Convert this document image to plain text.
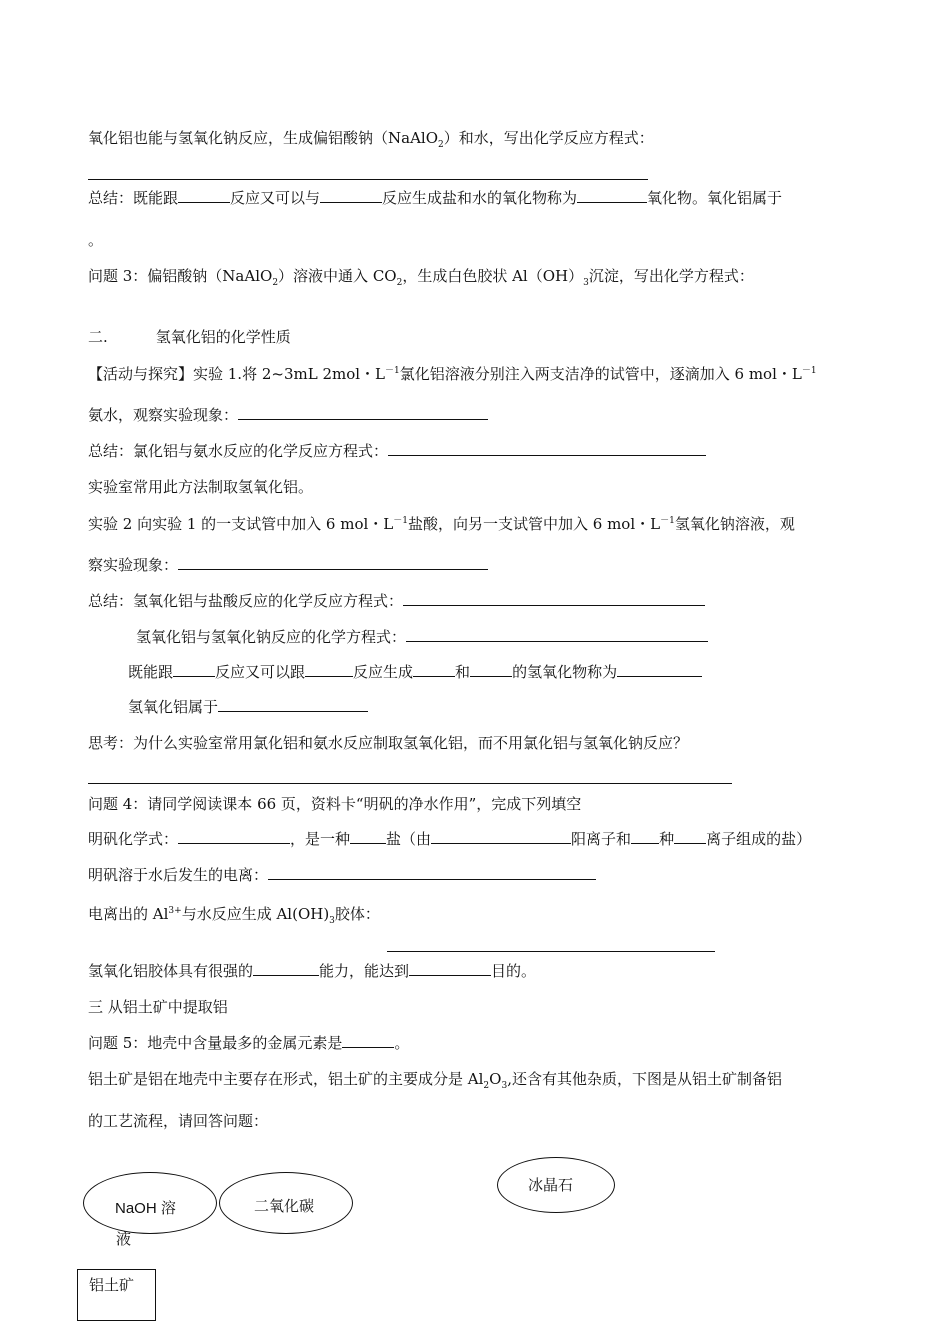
氧化铝也能与氢氧化钠反应，生成偏铝酸钠（NaAlO$_2$）和水，写出化学反应方程式：
总结：既能跟	反应又可以与	反应生成盐和水的氧化物称为	氧化物。氧化铝属于
。
问题 3：偏铝酸钠（NaAlO$_2$）溶液中通入 $CO_2$，生成白色胶状 $Al(OH)_3$沉淀，写出化学方程式：
二.	氢氧化铝的化学性质
【活动与探究】实验 1.将 2~3mL 2mol・$L^{-1}$氯化铝溶液分别注入两支洁净的试管中，逐滴加入 6 mol・$L^{-1}$
氨水，观察实验现象：
总结：氯化铝与氨水反应的化学反应方程式：
实验室常用此方法制取氢氧化铝。
实验 2 向实验 1 的一支试管中加入 6 mol・$L^{-1}$盐酸，向另一支试管中加入 6 mol・$L^{-1}$氢氧化钠溶液，观
察实验现象：
总结：氢氧化铝与盐酸反应的化学反应方程式：
氢氧化铝与氢氧化钠反应的化学方程式：
既能跟	反应又可以跟	反应生成	和	的氢氧化物称为
氢氧化铝属于
思考：为什么实验室常用氯化铝和氨水反应制取氢氧化铝，而不用氯化铝与氢氧化钠反应？
问题 4：请同学阅读课本 66 页，资料卡“明矾的净水作用”，完成下列填空
明矾化学式：	，是一种 盐（由	阳离子和 种 离子组成的盐）
明矾溶于水后发生的电离：
电离出的 $Al^{3+}$与水反应生成 $Al(OH)_3$胶体：
氢氧化铝胶体具有很强的	能力，能达到	目的。
三 从铝土矿中提取铝
问题 5：地壳中含量最多的金属元素是	。
铝土矿是铝在地壳中主要存在形式，铝土矿的主要成分是 $Al_2O_3$,还含有其他杂质，下图是从铝土矿制备铝
的工艺流程，请回答问题：
NaOH 溶
液
二氧化碳
冰晶石
铝土矿
